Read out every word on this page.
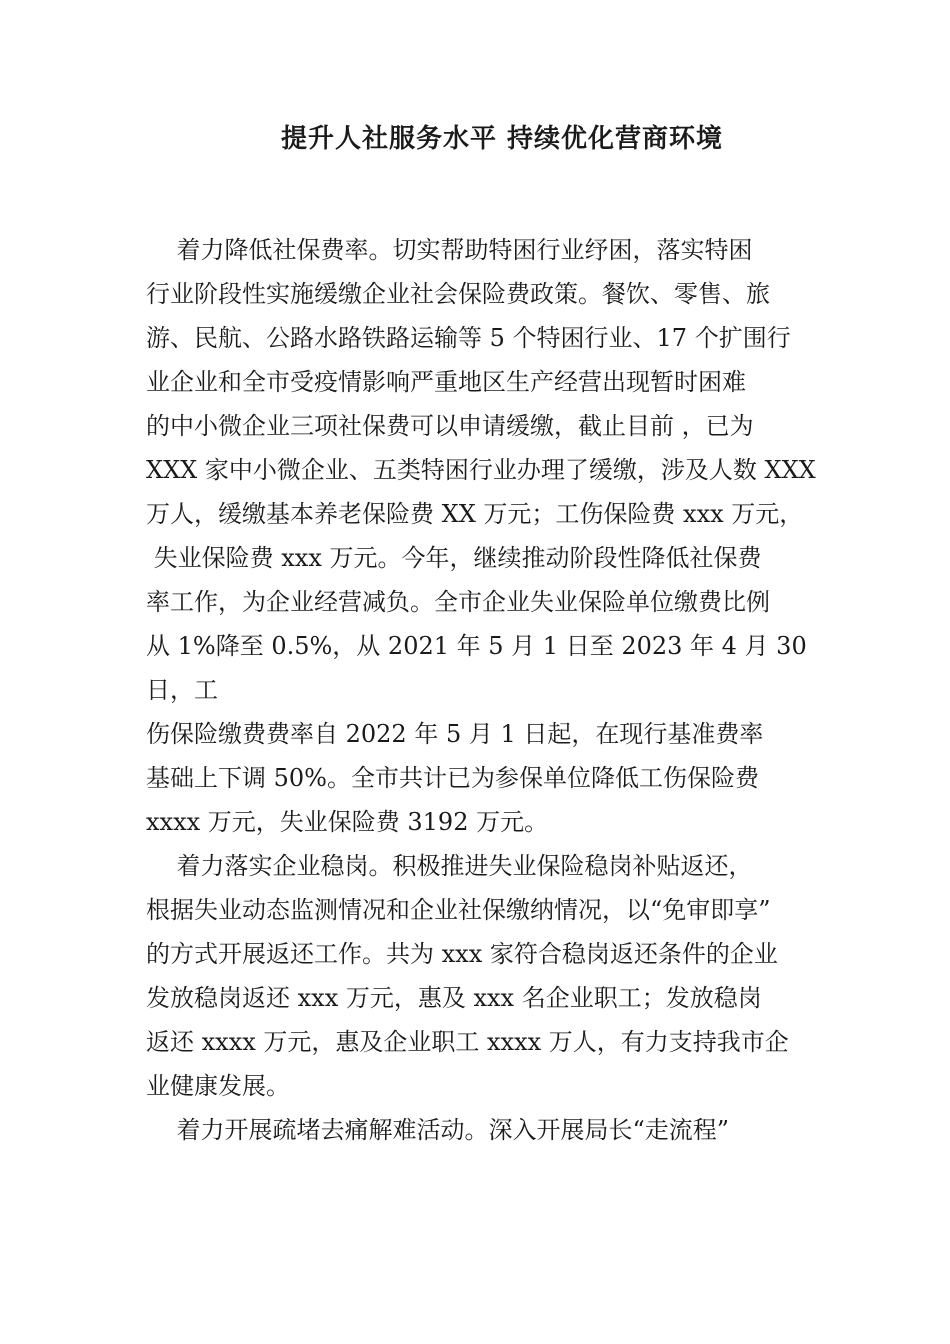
提升人社服务水平 持续优化营商环境
着力降低社保费率。切实帮助特困行业纾困，落实特困
行业阶段性实施缓缴企业社会保险费政策。餐饮、零售、旅
游、民航、公路水路铁路运输等 5 个特困行业、17 个扩围行
业企业和全市受疫情影响严重地区生产经营出现暂时困难
的中小微企业三项社保费可以申请缓缴，截止目前 ，已为
XXX 家中小微企业、五类特困行业办理了缓缴，涉及人数 XXX
万人，缓缴基本养老保险费 XX 万元；工伤保险费 xxx 万元，
失业保险费 xxx 万元。今年，继续推动阶段性降低社保费
率工作，为企业经营减负。全市企业失业保险单位缴费比例
从 1%降至 0.5%，从 2021 年 5 月 1 日至 2023 年 4 月 30
日，工
伤保险缴费费率自 2022 年 5 月 1 日起，在现行基准费率
基础上下调 50%。全市共计已为参保单位降低工伤保险费
xxxx 万元，失业保险费 3192 万元。
着力落实企业稳岗。积极推进失业保险稳岗补贴返还，
根据失业动态监测情况和企业社保缴纳情况，以“免审即享”
的方式开展返还工作。共为 xxx 家符合稳岗返还条件的企业
发放稳岗返还 xxx 万元，惠及 xxx 名企业职工；发放稳岗
返还 xxxx 万元，惠及企业职工 xxxx 万人，有力支持我市企
业健康发展。
着力开展疏堵去痛解难活动。深入开展局长“走流程”
